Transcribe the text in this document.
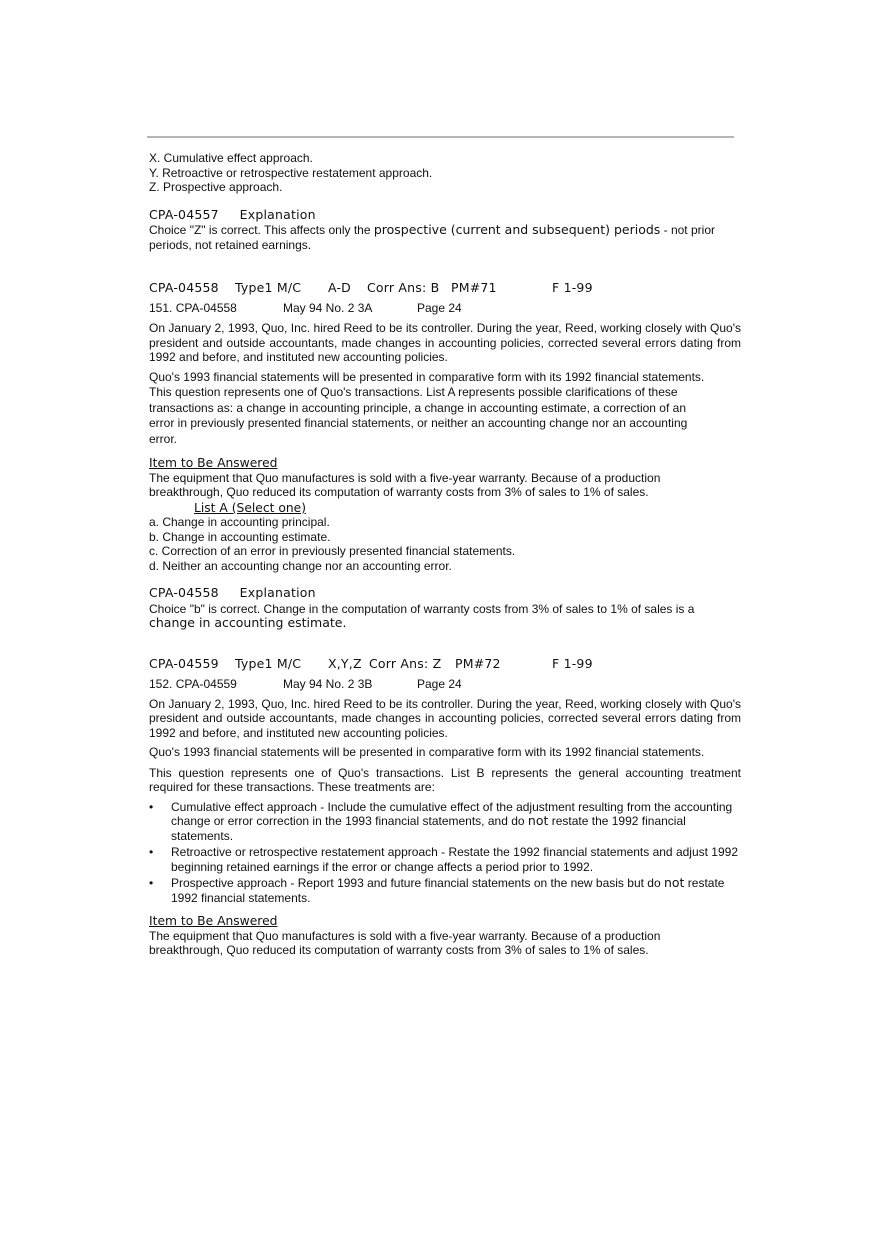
X. Cumulative effect approach.
Y. Retroactive or retrospective restatement approach.
Z. Prospective approach.
CPA-04557     Explanation
Choice "Z" is correct. This affects only the prospective (current and subsequent) periods - not prior periods, not retained earnings.
CPA-04558 Type1 M/C A-D Corr Ans: B PM#71	F 1-99
151. CPA-04558	May 94 No. 2 3A	Page 24
On January 2, 1993, Quo, Inc. hired Reed to be its controller. During the year, Reed, working closely with Quo's president and outside accountants, made changes in accounting policies, corrected several errors dating from 1992 and before, and instituted new accounting policies.
Quo's 1993 financial statements will be presented in comparative form with its 1992 financial statements.
This question represents one of Quo's transactions. List A represents possible clarifications of these
transactions as: a change in accounting principle, a change in accounting estimate, a correction of an
error in previously presented financial statements, or neither an accounting change nor an accounting
error.
Item to Be Answered
The equipment that Quo manufactures is sold with a five-year warranty. Because of a production
breakthrough, Quo reduced its computation of warranty costs from 3% of sales to 1% of sales.
List A (Select one)
a. Change in accounting principal.
b. Change in accounting estimate.
c. Correction of an error in previously presented financial statements.
d. Neither an accounting change nor an accounting error.
CPA-04558     Explanation
Choice "b" is correct. Change in the computation of warranty costs from 3% of sales to 1% of sales is a
change in accounting estimate.
CPA-04559 Type1 M/C X,Y,Z Corr Ans: Z PM#72	F 1-99
152. CPA-04559	May 94 No. 2 3B	Page 24
On January 2, 1993, Quo, Inc. hired Reed to be its controller. During the year, Reed, working closely with Quo's president and outside accountants, made changes in accounting policies, corrected several errors dating from 1992 and before, and instituted new accounting policies.
Quo's 1993 financial statements will be presented in comparative form with its 1992 financial statements.
This question represents one of Quo's transactions. List B represents the general accounting treatment required for these transactions. These treatments are:
• Cumulative effect approach - Include the cumulative effect of the adjustment resulting from the accounting change or error correction in the 1993 financial statements, and do not restate the 1992 financial statements.
• Retroactive or retrospective restatement approach - Restate the 1992 financial statements and adjust 1992 beginning retained earnings if the error or change affects a period prior to 1992.
• Prospective approach - Report 1993 and future financial statements on the new basis but do not restate 1992 financial statements.
Item to Be Answered
The equipment that Quo manufactures is sold with a five-year warranty. Because of a production
breakthrough, Quo reduced its computation of warranty costs from 3% of sales to 1% of sales.
